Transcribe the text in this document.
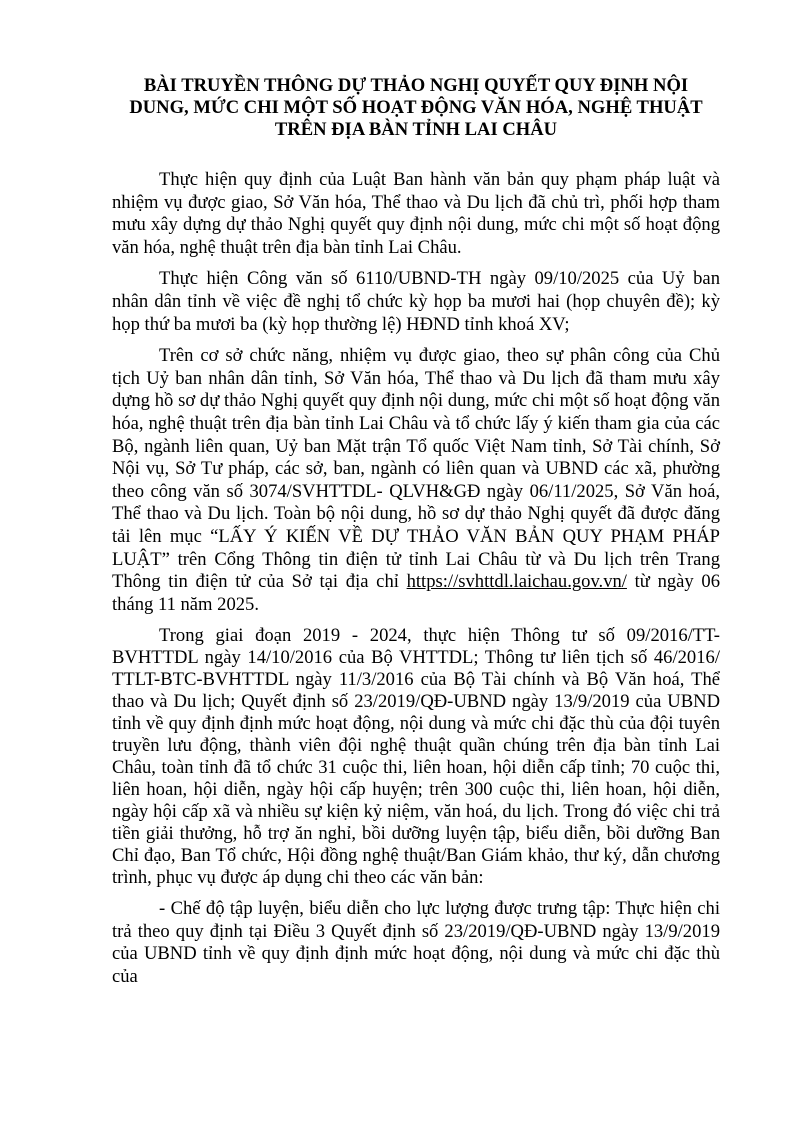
BÀI TRUYỀN THÔNG DỰ THẢO NGHỊ QUYẾT QUY ĐỊNH NỘI
DUNG, MỨC CHI MỘT SỐ HOẠT ĐỘNG VĂN HÓA, NGHỆ THUẬT
TRÊN ĐỊA BÀN TỈNH LAI CHÂU

Thực hiện quy định của Luật Ban hành văn bản quy phạm pháp luật và nhiệm vụ được giao, Sở Văn hóa, Thể thao và Du lịch đã chủ trì, phối hợp tham mưu xây dựng dự thảo Nghị quyết quy định nội dung, mức chi một số hoạt động văn hóa, nghệ thuật trên địa bàn tỉnh Lai Châu.

Thực hiện Công văn số 6110/UBND-TH ngày 09/10/2025 của Uỷ ban nhân dân tỉnh về việc đề nghị tổ chức kỳ họp ba mươi hai (họp chuyên đề); kỳ họp thứ ba mươi ba (kỳ họp thường lệ) HĐND tỉnh khoá XV;

Trên cơ sở chức năng, nhiệm vụ được giao, theo sự phân công của Chủ tịch Uỷ ban nhân dân tỉnh, Sở Văn hóa, Thể thao và Du lịch đã tham mưu xây dựng hồ sơ dự thảo Nghị quyết quy định nội dung, mức chi một số hoạt động văn hóa, nghệ thuật trên địa bàn tỉnh Lai Châu và tổ chức lấy ý kiến tham gia của các Bộ, ngành liên quan, Uỷ ban Mặt trận Tổ quốc Việt Nam tỉnh, Sở Tài chính, Sở Nội vụ, Sở Tư pháp, các sở, ban, ngành có liên quan và UBND các xã, phường theo công văn số 3074/SVHTTDL- QLVH&GĐ ngày 06/11/2025, Sở Văn hoá, Thể thao và Du lịch. Toàn bộ nội dung, hồ sơ dự thảo Nghị quyết đã được đăng tải lên mục “LẤY Ý KIẾN VỀ DỰ THẢO VĂN BẢN QUY PHẠM PHÁP LUẬT” trên Cổng Thông tin điện tử tỉnh Lai Châu từ và Du lịch trên Trang Thông tin điện tử của Sở tại địa chỉ https://svhttdl.laichau.gov.vn/ từ ngày 06 tháng 11 năm 2025.

Trong giai đoạn 2019 - 2024, thực hiện Thông tư số 09/2016/TT-BVHTTDL ngày 14/10/2016 của Bộ VHTTDL; Thông tư liên tịch số 46/2016/ TTLT-BTC-BVHTTDL ngày 11/3/2016 của Bộ Tài chính và Bộ Văn hoá, Thể thao và Du lịch; Quyết định số 23/2019/QĐ-UBND ngày 13/9/2019 của UBND tỉnh về quy định định mức hoạt động, nội dung và mức chi đặc thù của đội tuyên truyền lưu động, thành viên đội nghệ thuật quần chúng trên địa bàn tỉnh Lai Châu, toàn tỉnh đã tổ chức 31 cuộc thi, liên hoan, hội diễn cấp tỉnh; 70 cuộc thi, liên hoan, hội diễn, ngày hội cấp huyện; trên 300 cuộc thi, liên hoan, hội diễn, ngày hội cấp xã và nhiều sự kiện kỷ niệm, văn hoá, du lịch. Trong đó việc chi trả tiền giải thưởng, hỗ trợ ăn nghỉ, bồi dưỡng luyện tập, biểu diễn, bồi dưỡng Ban Chỉ đạo, Ban Tổ chức, Hội đồng nghệ thuật/Ban Giám khảo, thư ký, dẫn chương trình, phục vụ được áp dụng chi theo các văn bản:

- Chế độ tập luyện, biểu diễn cho lực lượng được trưng tập: Thực hiện chi trả theo quy định tại Điều 3 Quyết định số 23/2019/QĐ-UBND ngày 13/9/2019 của UBND tỉnh về quy định định mức hoạt động, nội dung và mức chi đặc thù của
